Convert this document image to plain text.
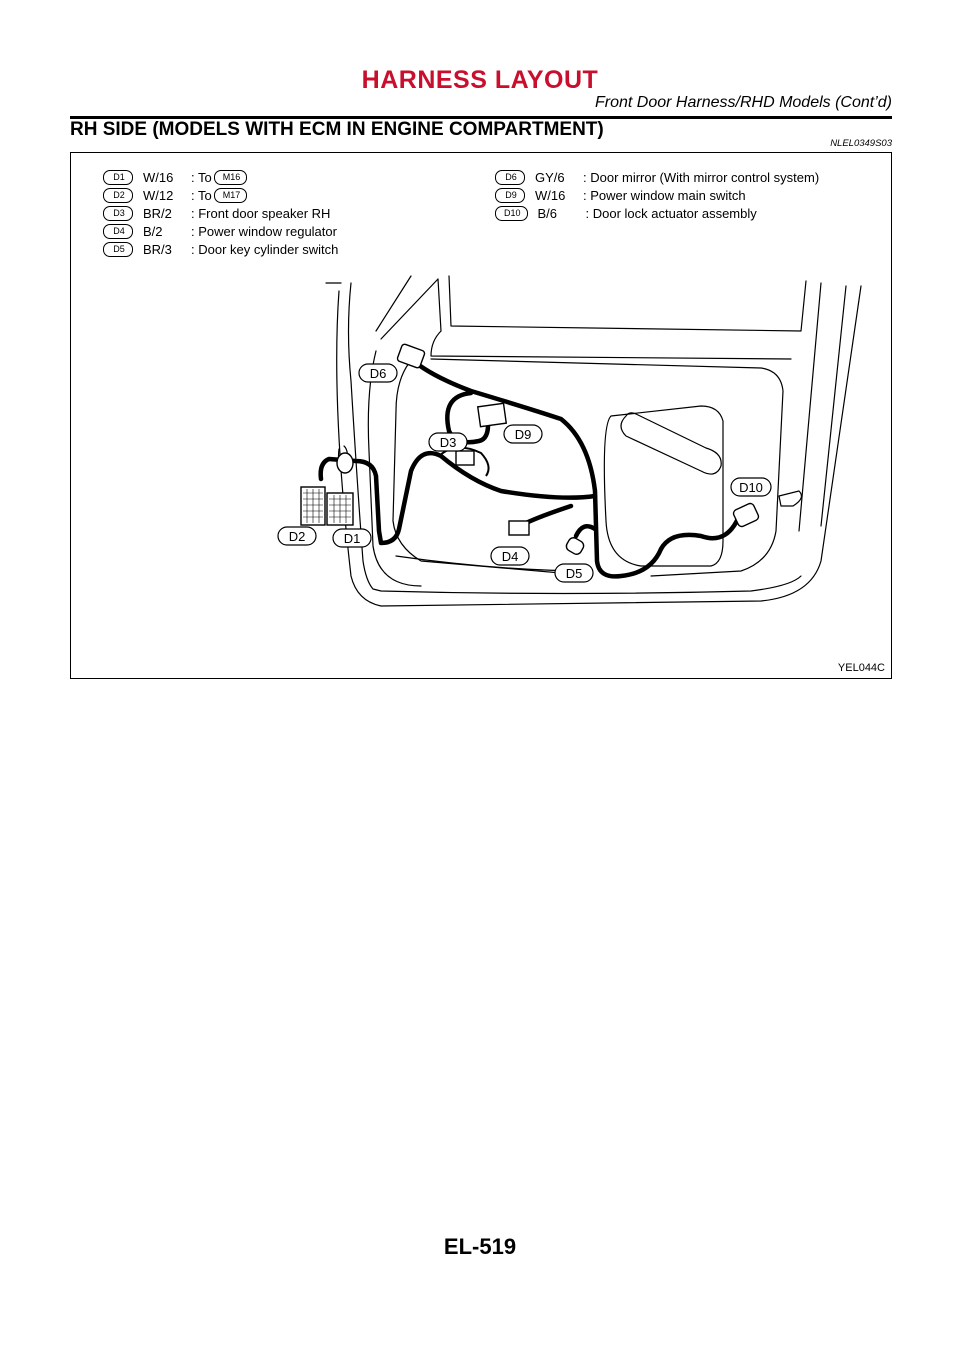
HARNESS LAYOUT
Front Door Harness/RHD Models (Cont’d)
RH SIDE (MODELS WITH ECM IN ENGINE COMPARTMENT)
NLEL0349S03
D1	W/16	: To	M16
D2	W/12	: To	M17
D3	BR/2	: Front door speaker RH
D4	B/2	: Power window regulator
D5	BR/3	: Door key cylinder switch
D6	GY/6	: Door mirror (With mirror control system)
D9	W/16	: Power window main switch
D10	B/6	: Door lock actuator assembly
D6
D3
D9
D2	D1
D4
D5
D10
YEL044C
EL-519
